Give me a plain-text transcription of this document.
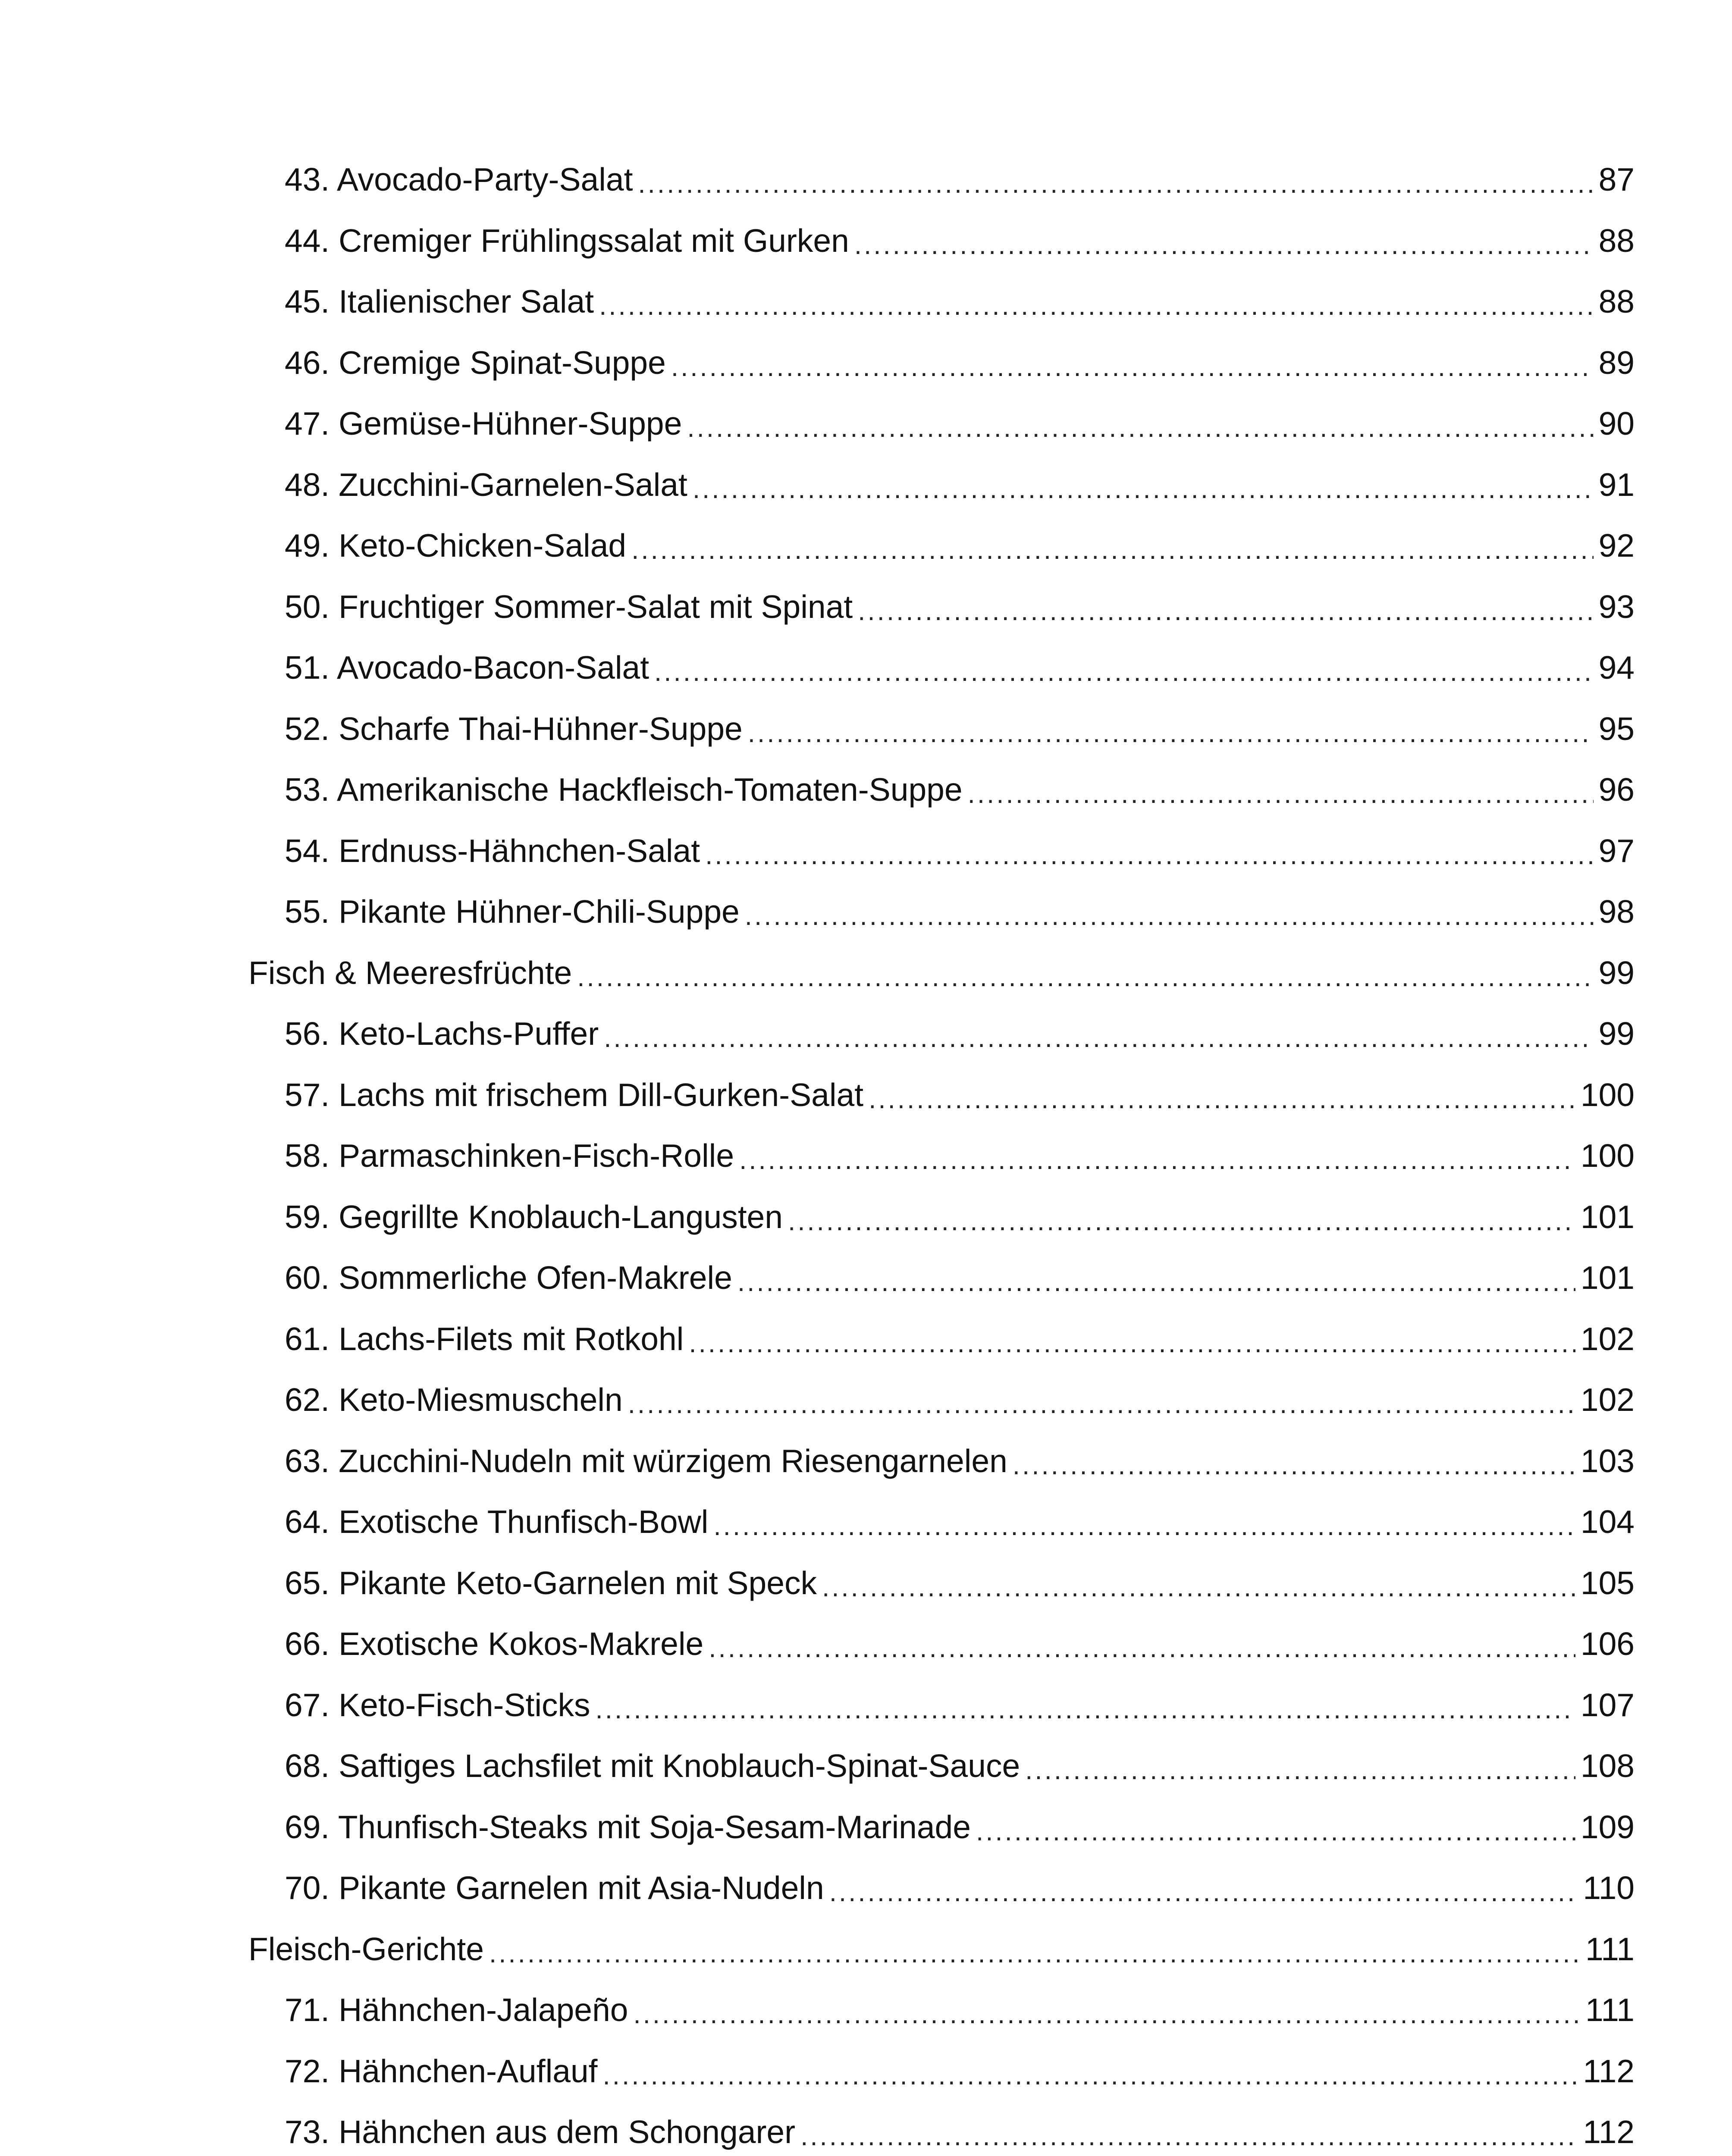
43. Avocado-Party-Salat .....	87
44. Cremiger Frühlingssalat mit Gurken .....	88
45. Italienischer Salat .....	88
46. Cremige Spinat-Suppe .....	89
47. Gemüse-Hühner-Suppe .....	90
48. Zucchini-Garnelen-Salat .....	91
49. Keto-Chicken-Salad .....	92
50. Fruchtiger Sommer-Salat mit Spinat .....	93
51. Avocado-Bacon-Salat .....	94
52. Scharfe Thai-Hühner-Suppe .....	95
53. Amerikanische Hackfleisch-Tomaten-Suppe .....	96
54. Erdnuss-Hähnchen-Salat .....	97
55. Pikante Hühner-Chili-Suppe .....	98
Fisch & Meeresfrüchte .....	99
56. Keto-Lachs-Puffer .....	99
57. Lachs mit frischem Dill-Gurken-Salat .....	100
58. Parmaschinken-Fisch-Rolle .....	100
59. Gegrillte Knoblauch-Langusten .....	101
60. Sommerliche Ofen-Makrele .....	101
61. Lachs-Filets mit Rotkohl .....	102
62. Keto-Miesmuscheln .....	102
63. Zucchini-Nudeln mit würzigem Riesengarnelen .....	103
64. Exotische Thunfisch-Bowl .....	104
65. Pikante Keto-Garnelen mit Speck .....	105
66. Exotische Kokos-Makrele .....	106
67. Keto-Fisch-Sticks .....	107
68. Saftiges Lachsfilet mit Knoblauch-Spinat-Sauce .....	108
69. Thunfisch-Steaks mit Soja-Sesam-Marinade .....	109
70. Pikante Garnelen mit Asia-Nudeln .....	110
Fleisch-Gerichte .....	111
71. Hähnchen-Jalapeño .....	111
72. Hähnchen-Auflauf .....	112
73. Hähnchen aus dem Schongarer .....	112
